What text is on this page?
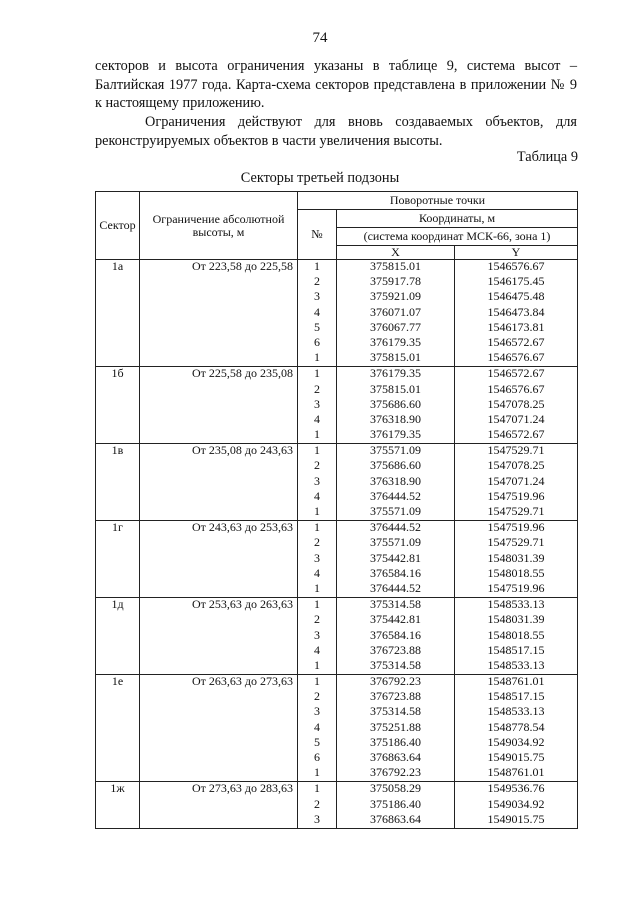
74
секторов и высота ограничения указаны в таблице 9, система высот – Балтийская 1977 года. Карта-схема секторов представлена в приложении № 9 к настоящему приложению.
Ограничения действуют для вновь создаваемых объектов, для реконструируемых объектов в части увеличения высоты.
Таблица 9
Секторы третьей подзоны
Сектор	Ограничение абсолютной высоты, м	Поворотные точки		
		№	Координаты, м	
			(система координат МСК-66, зона 1)	
			X	Y
1а	От 223,58 до 225,58	1	375815.01	1546576.67
		2	375917.78	1546175.45
		3	375921.09	1546475.48
		4	376071.07	1546473.84
		5	376067.77	1546173.81
		6	376179.35	1546572.67
		1	375815.01	1546576.67
1б	От 225,58 до 235,08	1	376179.35	1546572.67
		2	375815.01	1546576.67
		3	375686.60	1547078.25
		4	376318.90	1547071.24
		1	376179.35	1546572.67
1в	От 235,08 до 243,63	1	375571.09	1547529.71
		2	375686.60	1547078.25
		3	376318.90	1547071.24
		4	376444.52	1547519.96
		1	375571.09	1547529.71
1г	От 243,63 до 253,63	1	376444.52	1547519.96
		2	375571.09	1547529.71
		3	375442.81	1548031.39
		4	376584.16	1548018.55
		1	376444.52	1547519.96
1д	От 253,63 до 263,63	1	375314.58	1548533.13
		2	375442.81	1548031.39
		3	376584.16	1548018.55
		4	376723.88	1548517.15
		1	375314.58	1548533.13
1е	От 263,63 до 273,63	1	376792.23	1548761.01
		2	376723.88	1548517.15
		3	375314.58	1548533.13
		4	375251.88	1548778.54
		5	375186.40	1549034.92
		6	376863.64	1549015.75
		1	376792.23	1548761.01
1ж	От 273,63 до 283,63	1	375058.29	1549536.76
		2	375186.40	1549034.92
		3	376863.64	1549015.75
